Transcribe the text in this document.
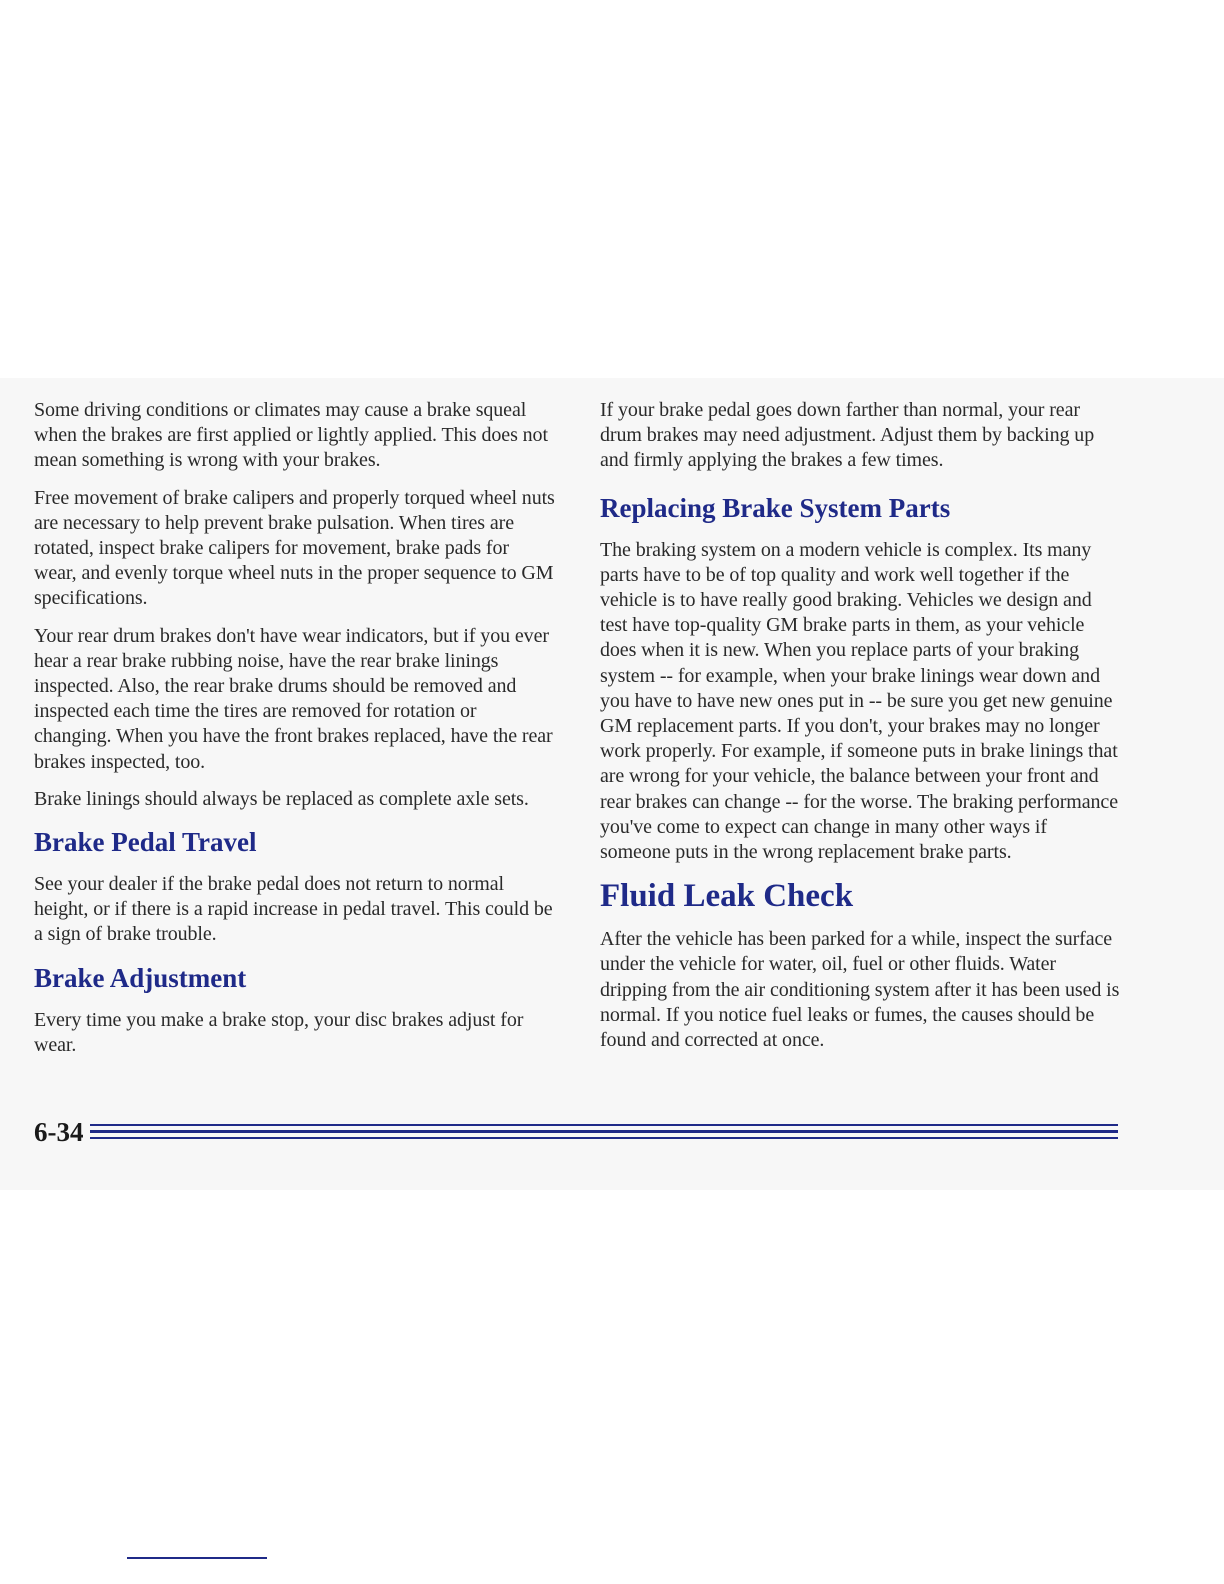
Some driving conditions or climates may cause a brake squeal when the brakes are first applied or lightly applied. This does not mean something is wrong with your brakes.

Free movement of brake calipers and properly torqued wheel nuts are necessary to help prevent brake pulsation. When tires are rotated, inspect brake calipers for movement, brake pads for wear, and evenly torque wheel nuts in the proper sequence to GM specifications.

Your rear drum brakes don't have wear indicators, but if you ever hear a rear brake rubbing noise, have the rear brake linings inspected. Also, the rear brake drums should be removed and inspected each time the tires are removed for rotation or changing. When you have the front brakes replaced, have the rear brakes inspected, too.

Brake linings should always be replaced as complete axle sets.

Brake Pedal Travel

See your dealer if the brake pedal does not return to normal height, or if there is a rapid increase in pedal travel. This could be a sign of brake trouble.

Brake Adjustment

Every time you make a brake stop, your disc brakes adjust for wear.

If your brake pedal goes down farther than normal, your rear drum brakes may need adjustment. Adjust them by backing up and firmly applying the brakes a few times.

Replacing Brake System Parts

The braking system on a modern vehicle is complex. Its many parts have to be of top quality and work well together if the vehicle is to have really good braking. Vehicles we design and test have top-quality GM brake parts in them, as your vehicle does when it is new. When you replace parts of your braking system -- for example, when your brake linings wear down and you have to have new ones put in -- be sure you get new genuine GM replacement parts. If you don't, your brakes may no longer work properly. For example, if someone puts in brake linings that are wrong for your vehicle, the balance between your front and rear brakes can change -- for the worse. The braking performance you've come to expect can change in many other ways if someone puts in the wrong replacement brake parts.

Fluid Leak Check

After the vehicle has been parked for a while, inspect the surface under the vehicle for water, oil, fuel or other fluids. Water dripping from the air conditioning system after it has been used is normal. If you notice fuel leaks or fumes, the causes should be found and corrected at once.

6-34
